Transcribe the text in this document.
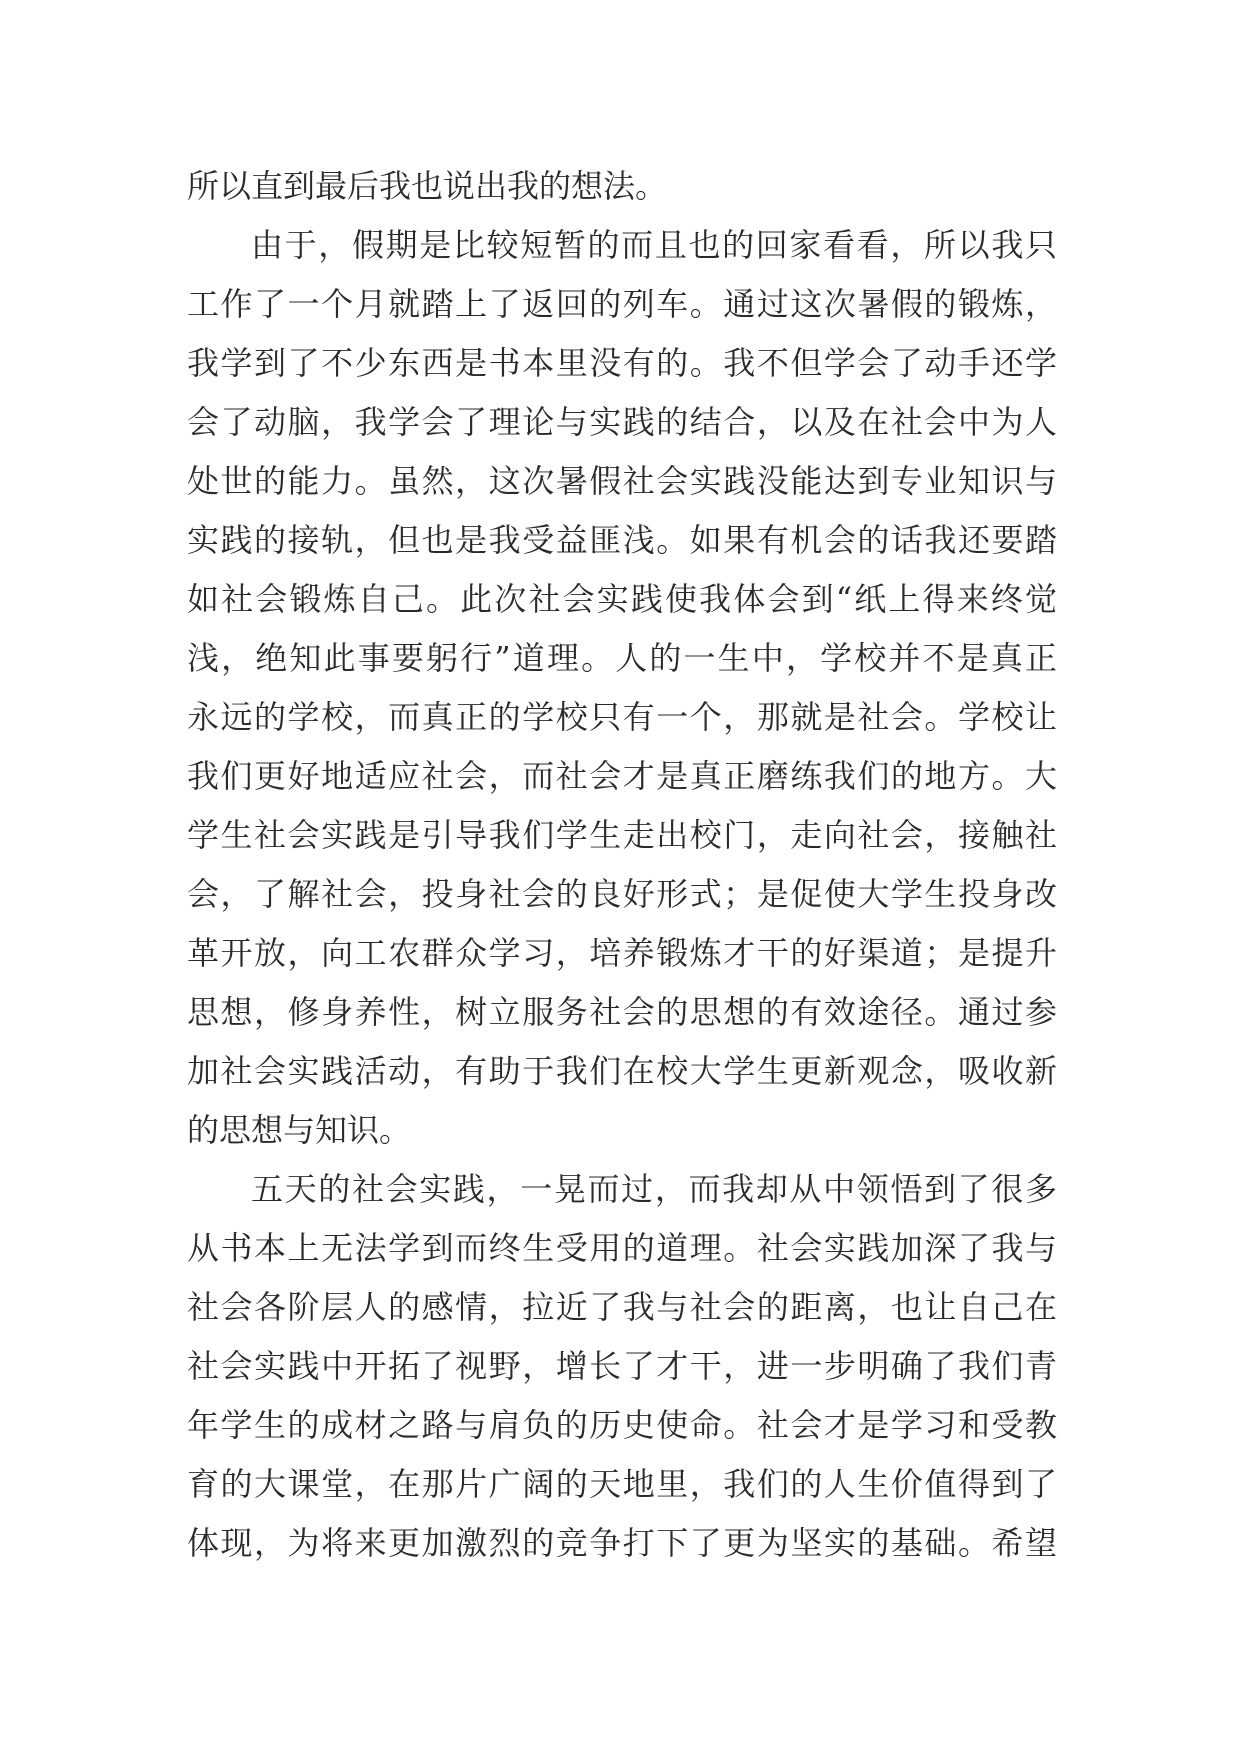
所以直到最后我也说出我的想法。
由于，假期是比较短暂的而且也的回家看看，所以我只
工作了一个月就踏上了返回的列车。通过这次暑假的锻炼，
我学到了不少东西是书本里没有的。我不但学会了动手还学
会了动脑，我学会了理论与实践的结合，以及在社会中为人
处世的能力。虽然，这次暑假社会实践没能达到专业知识与
实践的接轨，但也是我受益匪浅。如果有机会的话我还要踏
如社会锻炼自己。此次社会实践使我体会到“纸上得来终觉
浅，绝知此事要躬行”道理。人的一生中，学校并不是真正
永远的学校，而真正的学校只有一个，那就是社会。学校让
我们更好地适应社会，而社会才是真正磨练我们的地方。大
学生社会实践是引导我们学生走出校门，走向社会，接触社
会，了解社会，投身社会的良好形式；是促使大学生投身改
革开放，向工农群众学习，培养锻炼才干的好渠道；是提升
思想，修身养性，树立服务社会的思想的有效途径。通过参
加社会实践活动，有助于我们在校大学生更新观念，吸收新
的思想与知识。
五天的社会实践，一晃而过，而我却从中领悟到了很多
从书本上无法学到而终生受用的道理。社会实践加深了我与
社会各阶层人的感情，拉近了我与社会的距离，也让自己在
社会实践中开拓了视野，增长了才干，进一步明确了我们青
年学生的成材之路与肩负的历史使命。社会才是学习和受教
育的大课堂，在那片广阔的天地里，我们的人生价值得到了
体现，为将来更加激烈的竞争打下了更为坚实的基础。希望
